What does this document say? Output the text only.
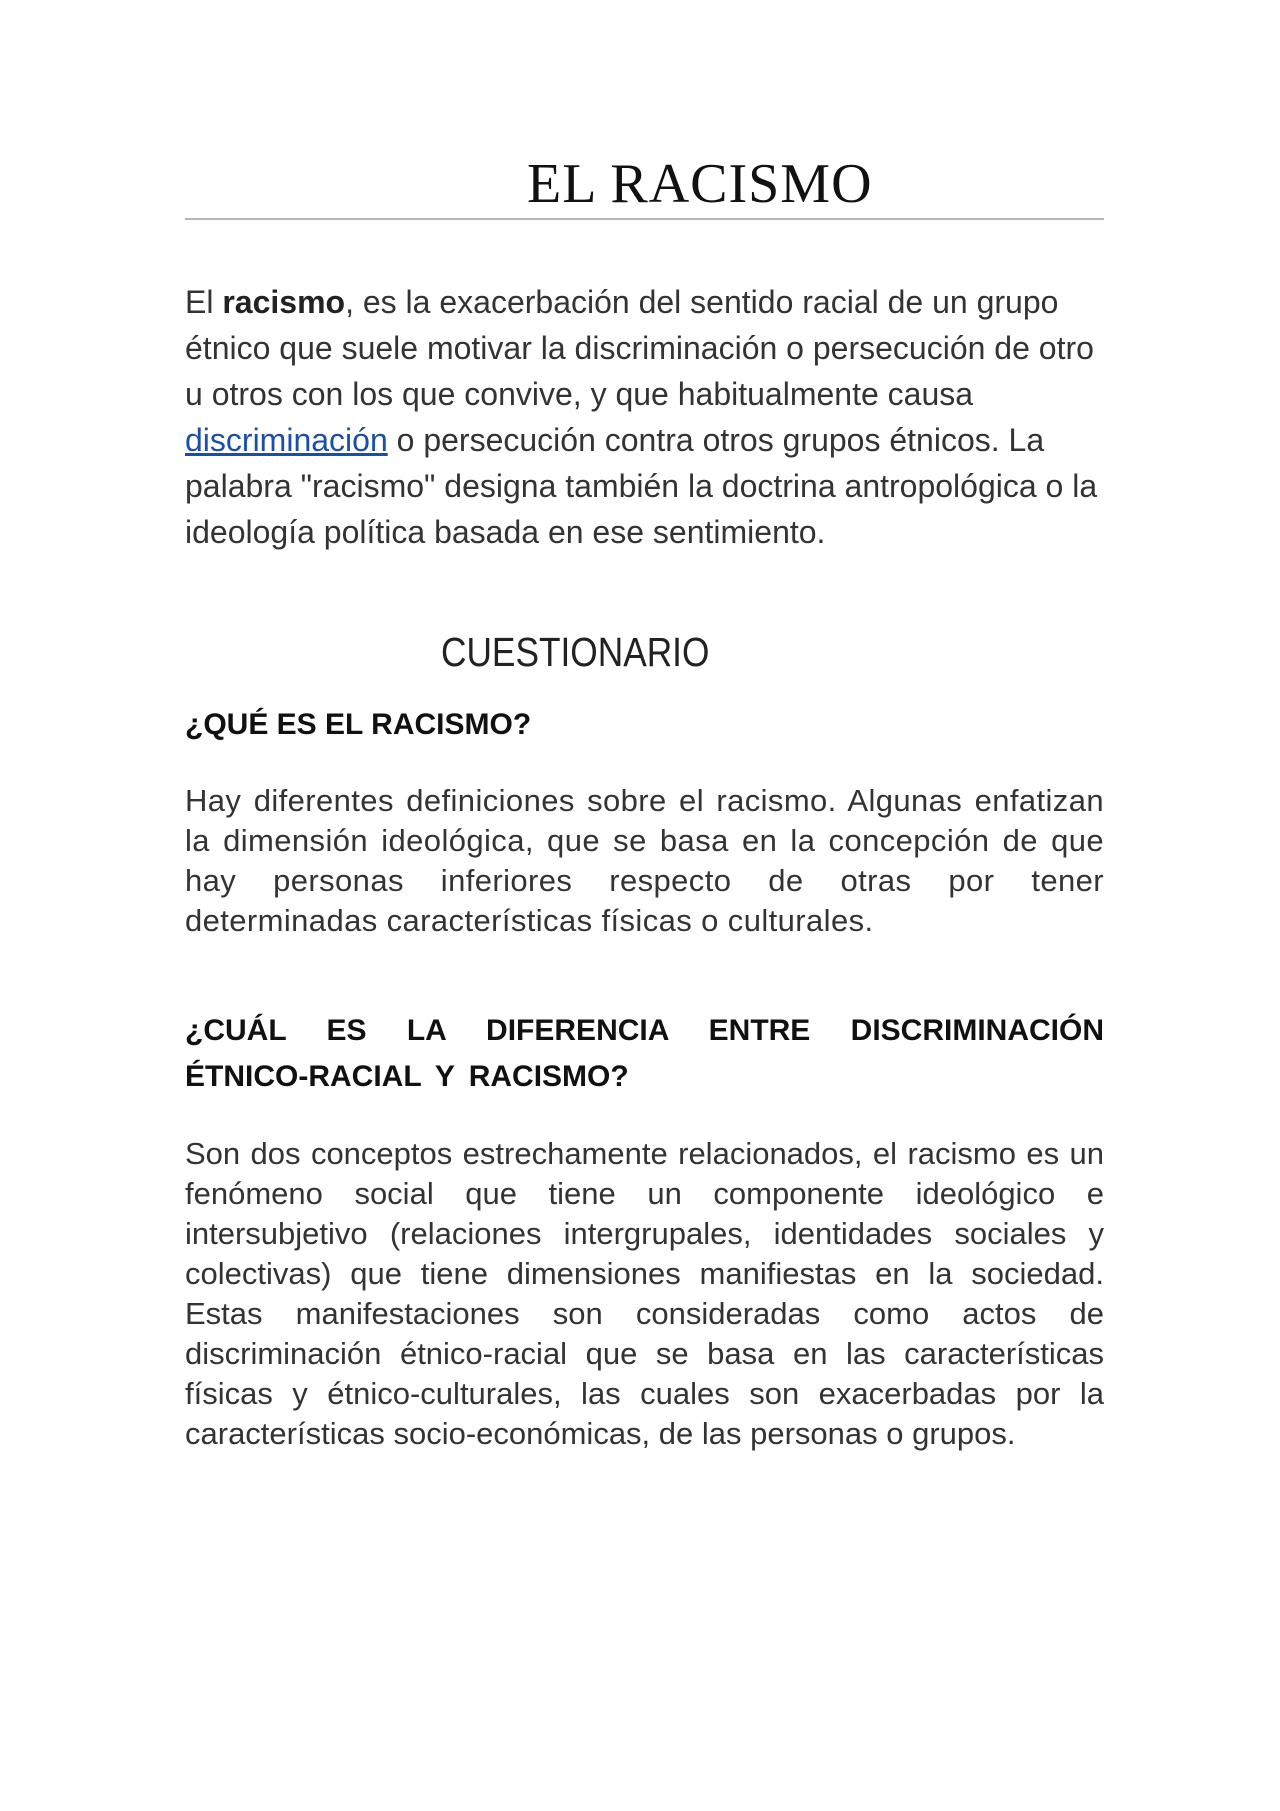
EL RACISMO

El racismo, es la exacerbación del sentido racial de un grupo étnico que suele motivar la discriminación o persecución de otro u otros con los que convive, y que habitualmente causa discriminación o persecución contra otros grupos étnicos. La palabra "racismo" designa también la doctrina antropológica o la ideología política basada en ese sentimiento.

CUESTIONARIO

¿QUÉ ES EL RACISMO?

Hay diferentes definiciones sobre el racismo. Algunas enfatizan la dimensión ideológica, que se basa en la concepción de que hay personas inferiores respecto de otras por tener determinadas características físicas o culturales.

¿CUÁL ES LA DIFERENCIA ENTRE DISCRIMINACIÓN ÉTNICO-RACIAL Y RACISMO?

Son dos conceptos estrechamente relacionados, el racismo es un fenómeno social que tiene un componente ideológico e intersubjetivo (relaciones intergrupales, identidades sociales y colectivas) que tiene dimensiones manifiestas en la sociedad. Estas manifestaciones son consideradas como actos de discriminación étnico-racial que se basa en las características físicas y étnico-culturales, las cuales son exacerbadas por la características socio-económicas, de las personas o grupos.
